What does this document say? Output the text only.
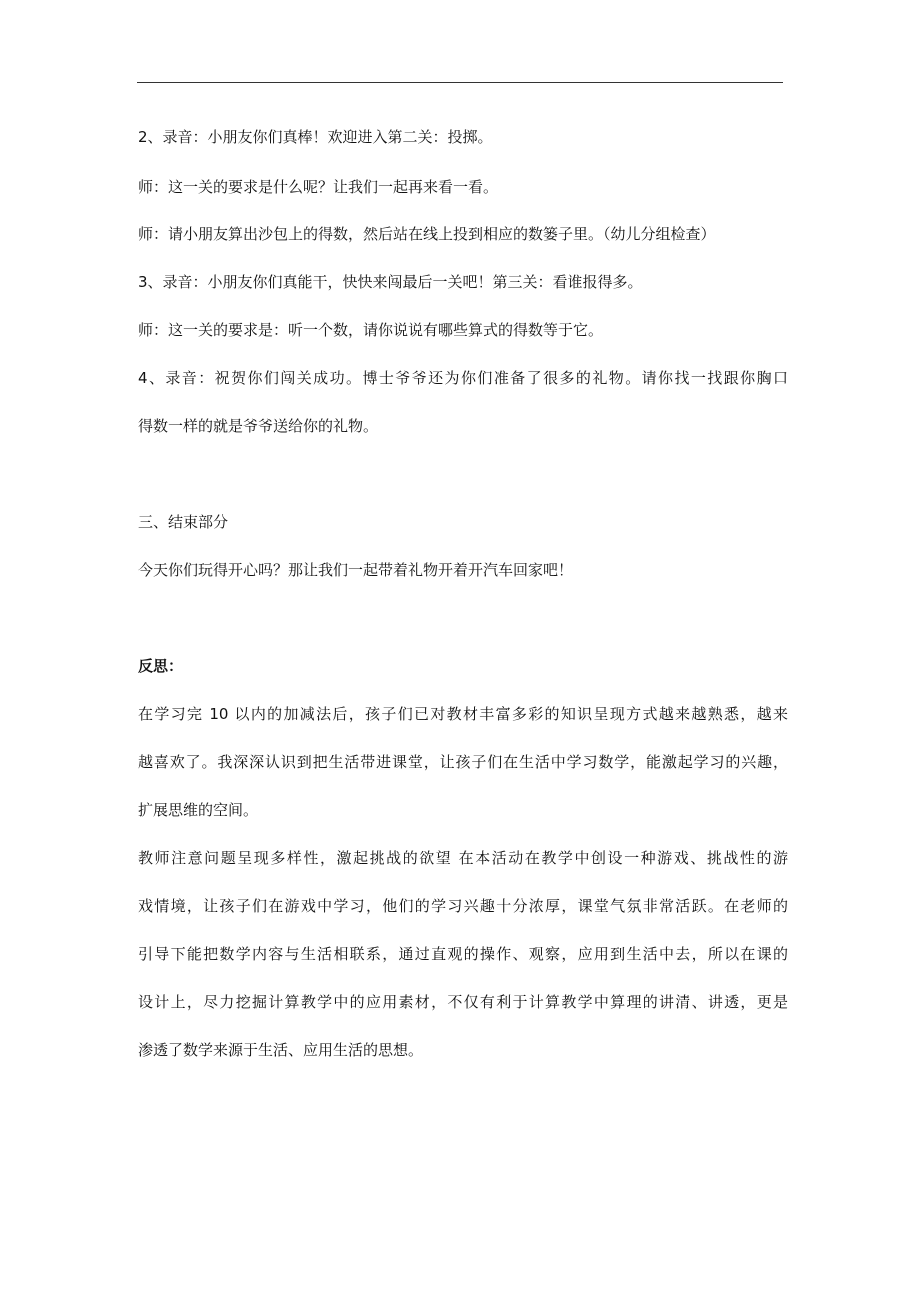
2、录音：小朋友你们真棒！欢迎进入第二关：投掷。
师：这一关的要求是什么呢？让我们一起再来看一看。
师：请小朋友算出沙包上的得数，然后站在线上投到相应的数篓子里。（幼儿分组检查）
3、录音：小朋友你们真能干，快快来闯最后一关吧！第三关：看谁报得多。
师：这一关的要求是：听一个数，请你说说有哪些算式的得数等于它。
4、录音：祝贺你们闯关成功。博士爷爷还为你们准备了很多的礼物。请你找一找跟你胸口
得数一样的就是爷爷送给你的礼物。
三、结束部分
今天你们玩得开心吗？那让我们一起带着礼物开着开汽车回家吧！
反思：
在学习完 10 以内的加减法后，孩子们已对教材丰富多彩的知识呈现方式越来越熟悉，越来
越喜欢了。我深深认识到把生活带进课堂，让孩子们在生活中学习数学，能激起学习的兴趣，
扩展思维的空间。
教师注意问题呈现多样性，激起挑战的欲望 在本活动在教学中创设一种游戏、挑战性的游
戏情境，让孩子们在游戏中学习，他们的学习兴趣十分浓厚，课堂气氛非常活跃。在老师的
引导下能把数学内容与生活相联系，通过直观的操作、观察，应用到生活中去，所以在课的
设计上，尽力挖掘计算教学中的应用素材，不仅有利于计算教学中算理的讲清、讲透，更是
渗透了数学来源于生活、应用生活的思想。
